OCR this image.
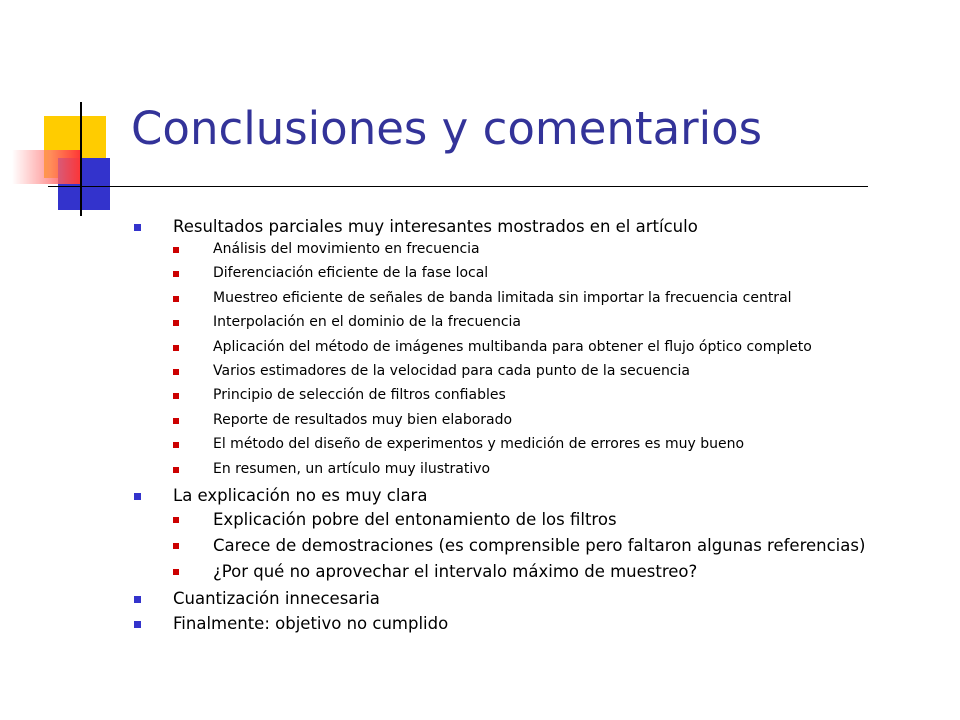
Conclusiones y comentarios
Resultados parciales muy interesantes mostrados en el artículo
Análisis del movimiento en frecuencia
Diferenciación eficiente de la fase local
Muestreo eficiente de señales de banda limitada sin importar la frecuencia central
Interpolación en el dominio de la frecuencia
Aplicación del método de imágenes multibanda para obtener el flujo óptico completo
Varios estimadores de la velocidad para cada punto de la secuencia
Principio de selección de filtros confiables
Reporte de resultados muy bien elaborado
El método del diseño de experimentos y medición de errores es muy bueno
En resumen, un artículo muy ilustrativo
La explicación no es muy clara
Explicación pobre del entonamiento de los filtros
Carece de demostraciones (es comprensible pero faltaron algunas referencias)
¿Por qué no aprovechar el intervalo máximo de muestreo?
Cuantización innecesaria
Finalmente: objetivo no cumplido
